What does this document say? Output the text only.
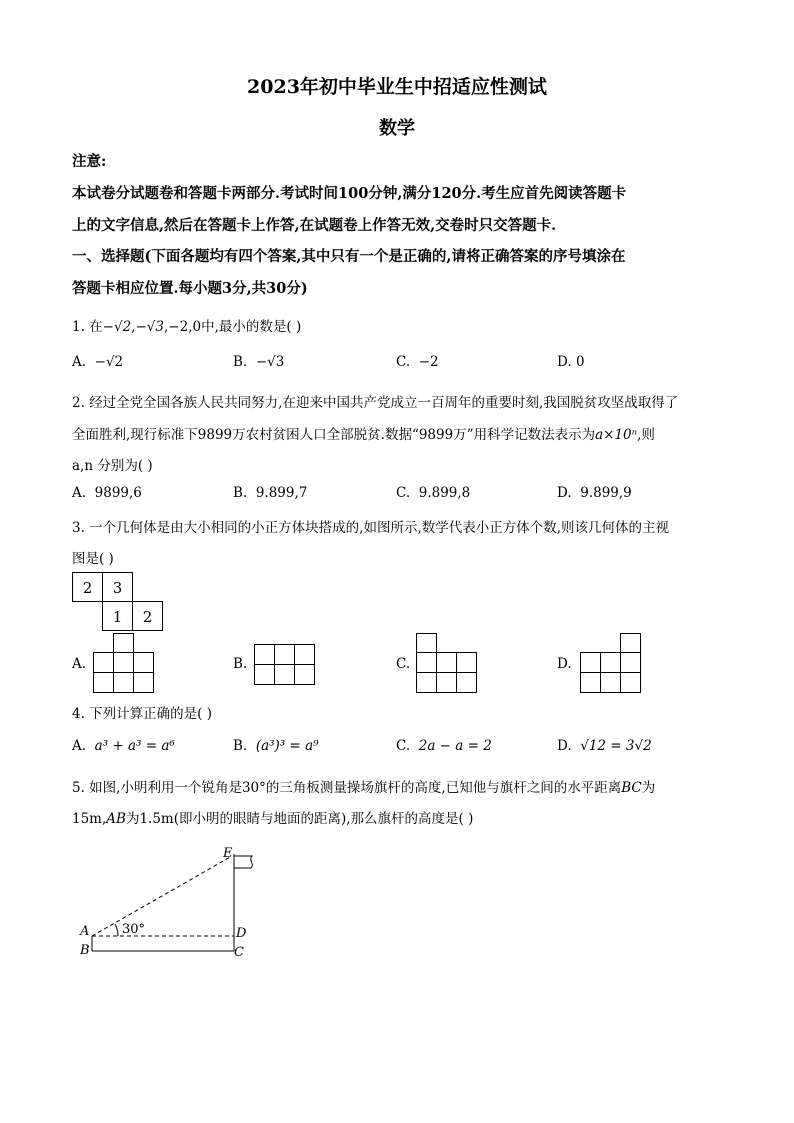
2023年初中毕业生中招适应性测试
数学
注意:
本试卷分试题卷和答题卡两部分.考试时间100分钟,满分120分.考生应首先阅读答题卡
上的文字信息,然后在答题卡上作答,在试题卷上作答无效,交卷时只交答题卡.
一、选择题(下面各题均有四个答案,其中只有一个是正确的,请将正确答案的序号填涂在
答题卡相应位置.每小题3分,共30分)
1. 在−√2,−√3,−2,0中,最小的数是( )
A. −√2	B. −√3	C. −2	D. 0
2. 经过全党全国各族人民共同努力,在迎来中国共产党成立一百周年的重要时刻,我国脱贫攻坚战取得了
全面胜利,现行标准下9899万农村贫困人口全部脱贫.数据“9899万”用科学记数法表示为a×10ⁿ,则
a,n 分别为( )
A. 9899,6	B. 9.899,7	C. 9.899,8	D. 9.899,9
3. 一个几何体是由大小相同的小正方体块搭成的,如图所示,数学代表小正方体个数,则该几何体的主视
图是( )
2 3
1 2
A.	B.	C.	D.
4. 下列计算正确的是( )
A. a³ + a³ = a⁶	B. (a³)³ = a⁹	C. 2a − a = 2	D. √12 = 3√2
5. 如图,小明利用一个锐角是30°的三角板测量操场旗杆的高度,已知他与旗杆之间的水平距离BC为
15m,AB为1.5m(即小明的眼睛与地面的距离),那么旗杆的高度是( )
E
A
B
D
C
30°
